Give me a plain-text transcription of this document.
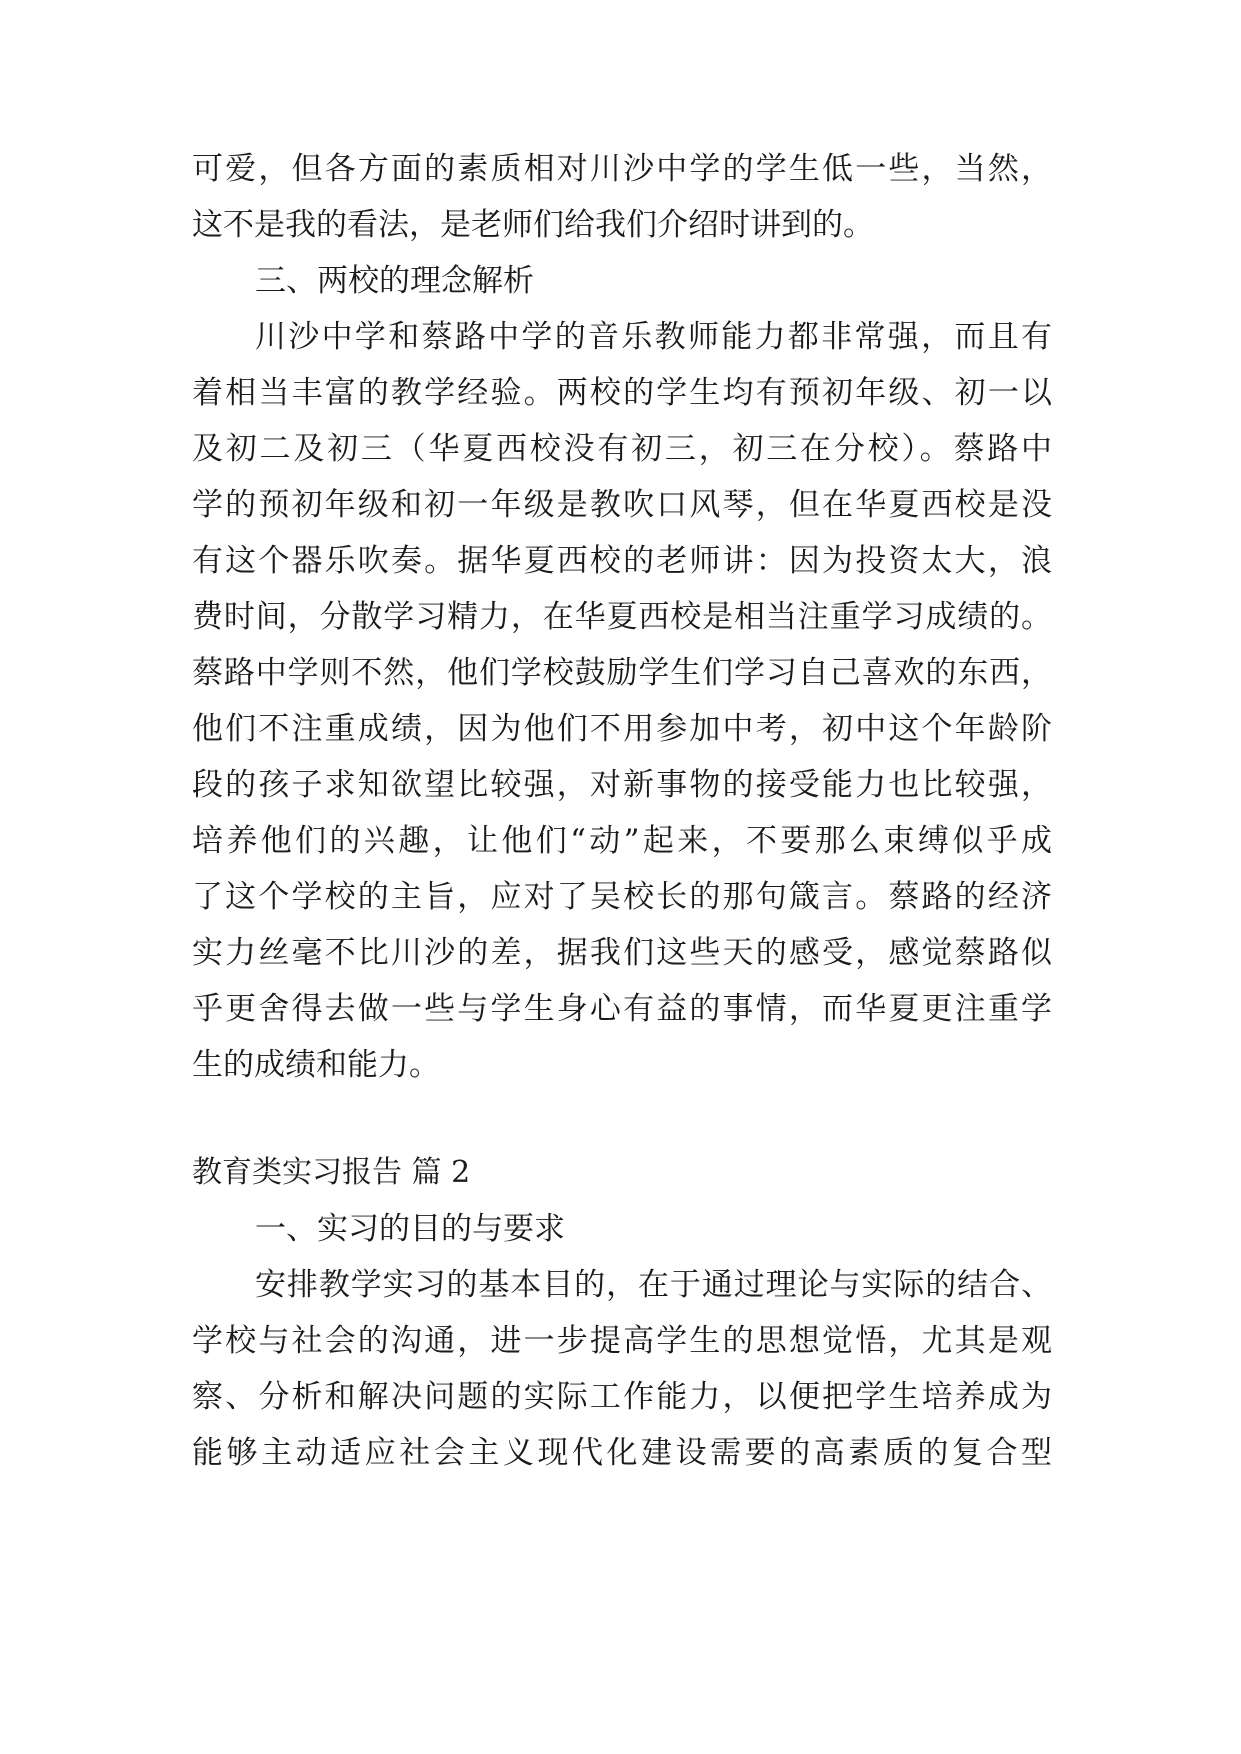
可爱，但各方面的素质相对川沙中学的学生低一些，当然，
这不是我的看法，是老师们给我们介绍时讲到的。
三、两校的理念解析
川沙中学和蔡路中学的音乐教师能力都非常强，而且有
着相当丰富的教学经验。两校的学生均有预初年级、初一以
及初二及初三（华夏西校没有初三，初三在分校）。蔡路中
学的预初年级和初一年级是教吹口风琴，但在华夏西校是没
有这个器乐吹奏。据华夏西校的老师讲：因为投资太大，浪
费时间，分散学习精力，在华夏西校是相当注重学习成绩的。
蔡路中学则不然，他们学校鼓励学生们学习自己喜欢的东西，
他们不注重成绩，因为他们不用参加中考，初中这个年龄阶
段的孩子求知欲望比较强，对新事物的接受能力也比较强，
培养他们的兴趣，让他们“动”起来，不要那么束缚似乎成
了这个学校的主旨，应对了吴校长的那句箴言。蔡路的经济
实力丝毫不比川沙的差，据我们这些天的感受，感觉蔡路似
乎更舍得去做一些与学生身心有益的事情，而华夏更注重学
生的成绩和能力。
教育类实习报告 篇 2
一、实习的目的与要求
安排教学实习的基本目的，在于通过理论与实际的结合、
学校与社会的沟通，进一步提高学生的思想觉悟，尤其是观
察、分析和解决问题的实际工作能力，以便把学生培养成为
能够主动适应社会主义现代化建设需要的高素质的复合型
